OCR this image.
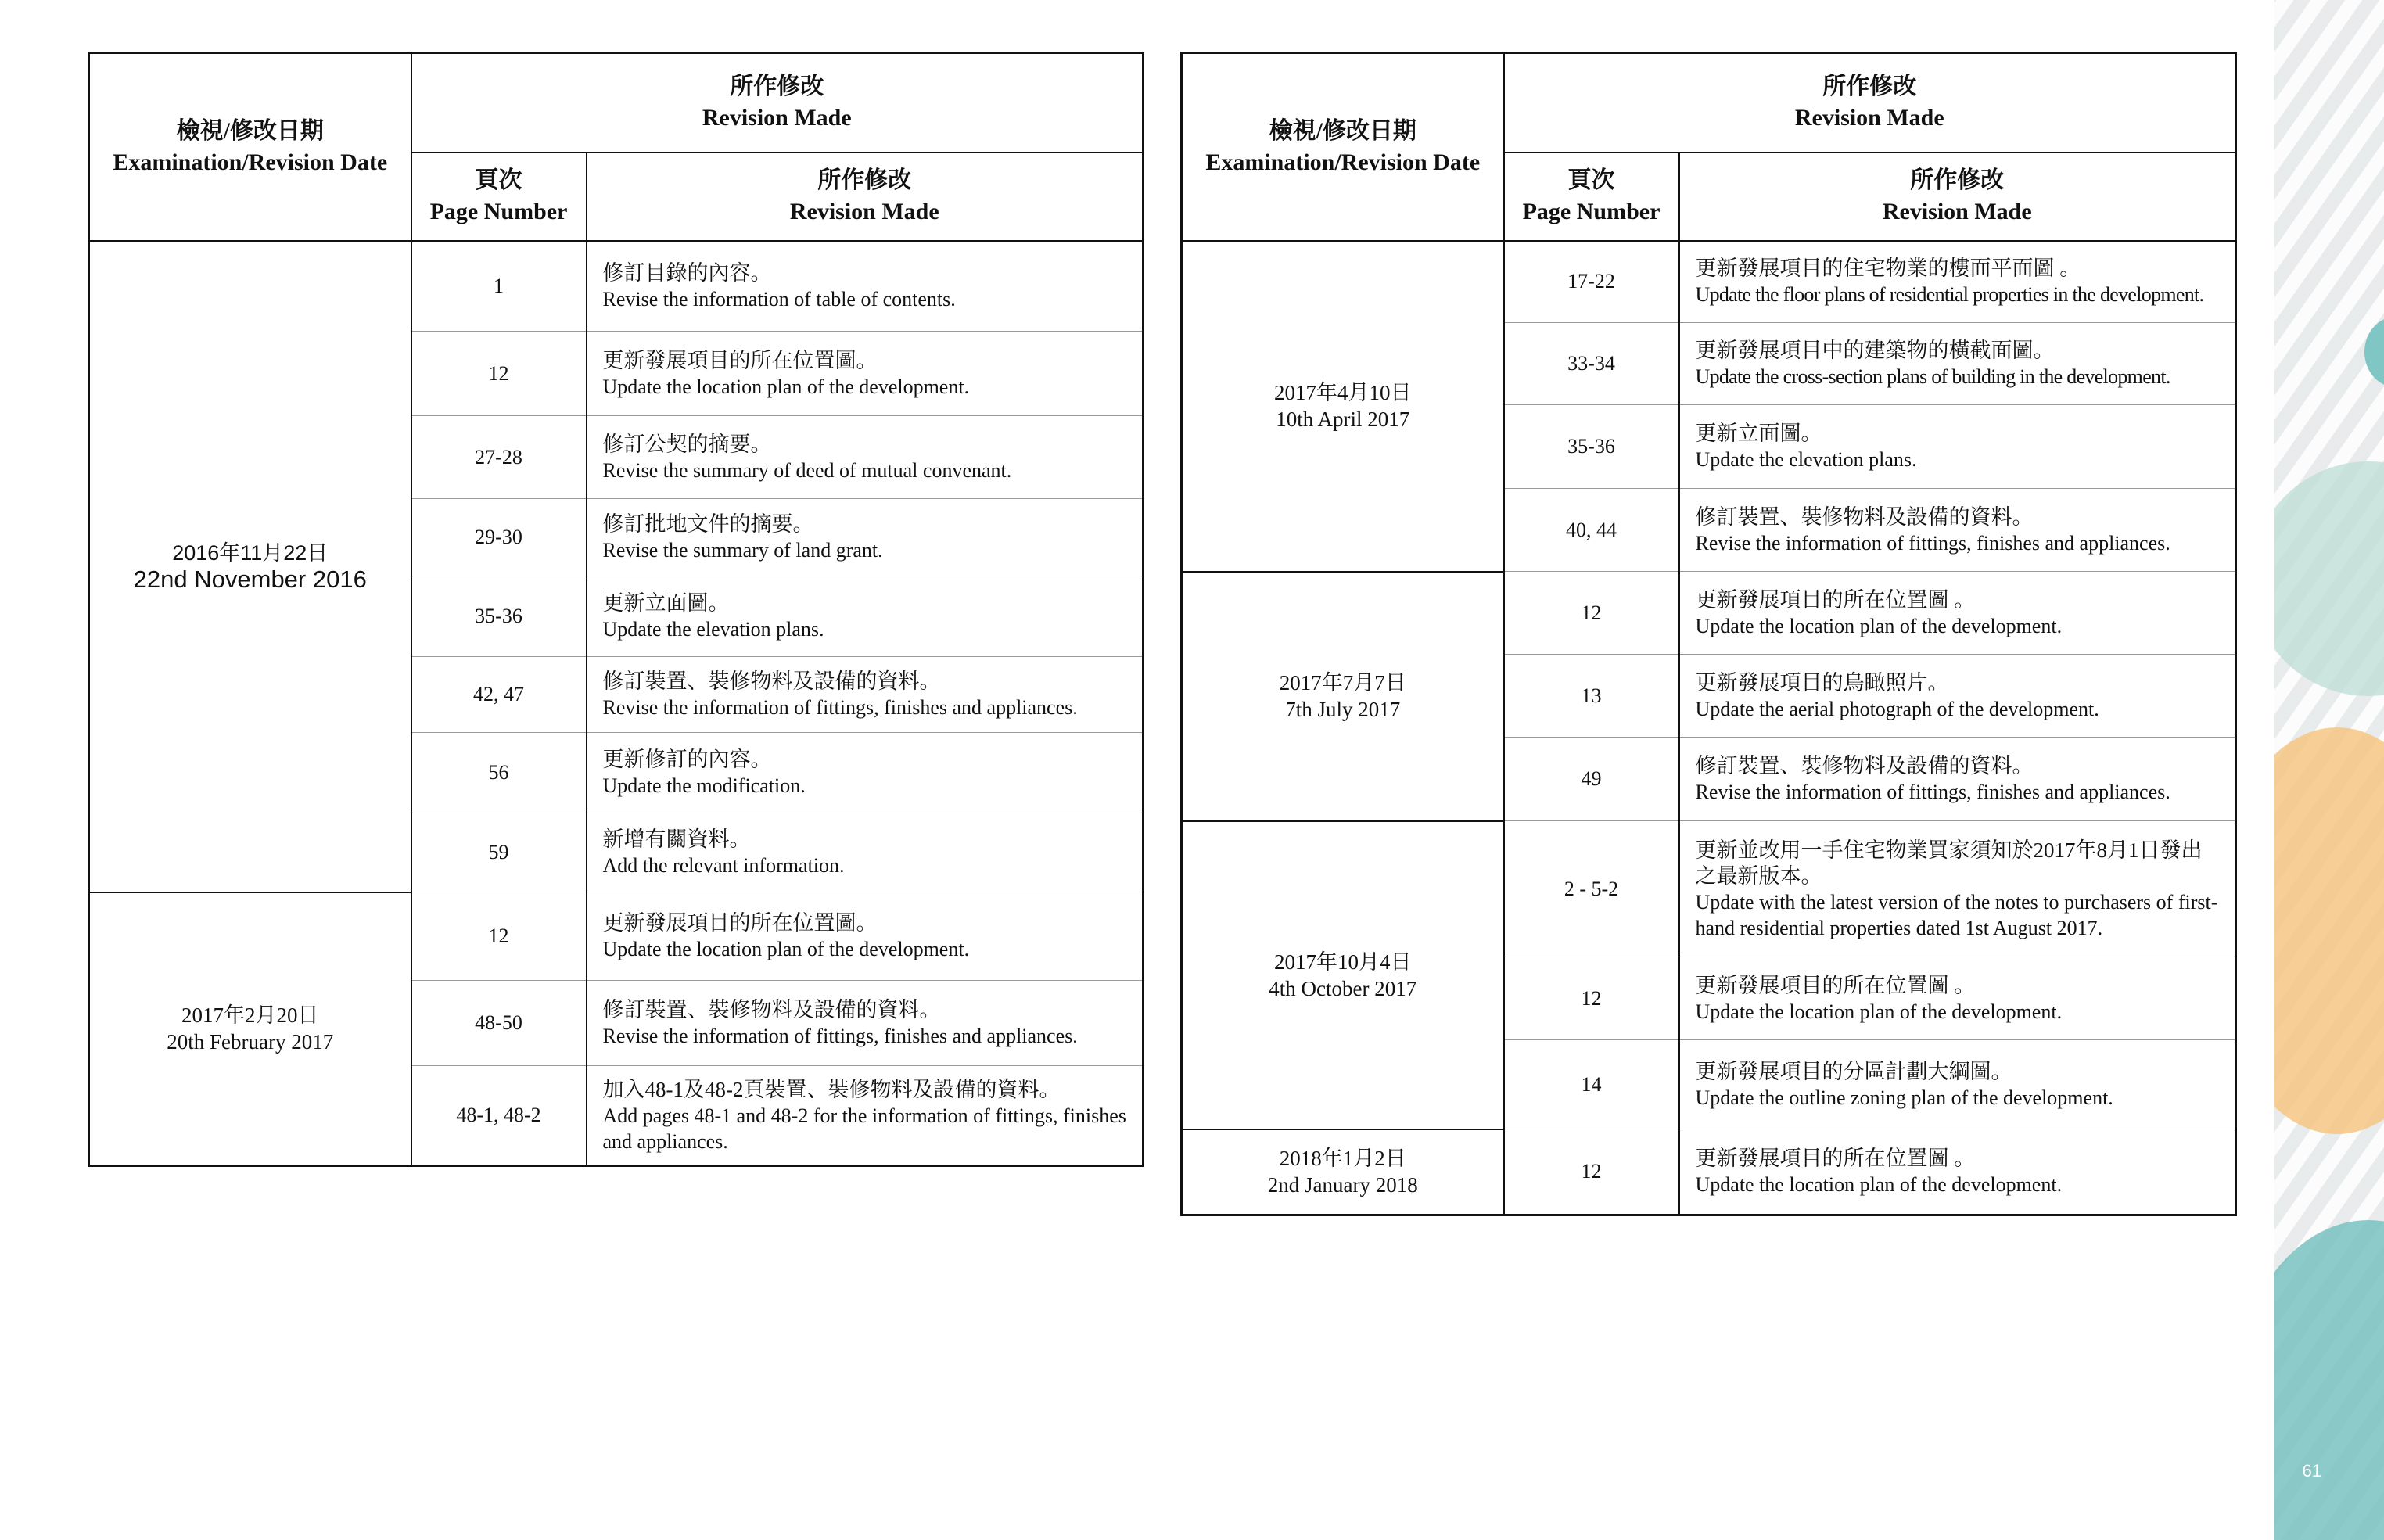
61
檢視/修改日期
Examination/Revision Date	所作修改
Revision Made	

	頁次
Page Number	所作修改
Revision Made

2016年11月22日
22nd November 2016	1	修訂目錄的內容。
Revise the information of table of contents.

	12	更新發展項目的所在位置圖。
Update the location plan of the development.

	27-28	修訂公契的摘要。
Revise the summary of deed of mutual convenant.

	29-30	修訂批地文件的摘要。
Revise the summary of land grant.

	35-36	更新立面圖。
Update the elevation plans.

	42, 47	修訂裝置、裝修物料及設備的資料。
Revise the information of fittings, finishes and appliances.

	56	更新修訂的內容。
Update the modification.

	59	新增有關資料。
Add the relevant information.

2017年2月20日
20th February 2017	12	更新發展項目的所在位置圖。
Update the location plan of the development.

	48-50	修訂裝置、裝修物料及設備的資料。
Revise the information of fittings, finishes and appliances.

	48-1, 48-2	加入48-1及48-2頁裝置、裝修物料及設備的資料。
Add pages 48-1 and 48-2 for the information of fittings, finishes and appliances.
檢視/修改日期
Examination/Revision Date	所作修改
Revision Made	

	頁次
Page Number	所作修改
Revision Made

2017年4月10日
10th April 2017	17-22	更新發展項目的住宅物業的樓面平面圖 。
Update the floor plans of residential properties in the development.

	33-34	更新發展項目中的建築物的橫截面圖。
Update the cross-section plans of building in the development.

	35-36	更新立面圖。
Update the elevation plans.

	40, 44	修訂裝置、裝修物料及設備的資料。
Revise the information of fittings, finishes and appliances.

2017年7月7日
7th July 2017	12	更新發展項目的所在位置圖 。
Update the location plan of the development.

	13	更新發展項目的鳥瞰照片。
Update the aerial photograph of the development.

	49	修訂裝置、裝修物料及設備的資料。
Revise the information of fittings, finishes and appliances.

2017年10月4日
4th October 2017	2 - 5-2	更新並改用一手住宅物業買家須知於2017年8月1日發出之最新版本。
Update with the latest version of the notes to purchasers of first-hand residential properties dated 1st August 2017.

	12	更新發展項目的所在位置圖 。
Update the location plan of the development.

	14	更新發展項目的分區計劃大綱圖。
Update the outline zoning plan of the development.

2018年1月2日
2nd January 2018	12	更新發展項目的所在位置圖 。
Update the location plan of the development.
